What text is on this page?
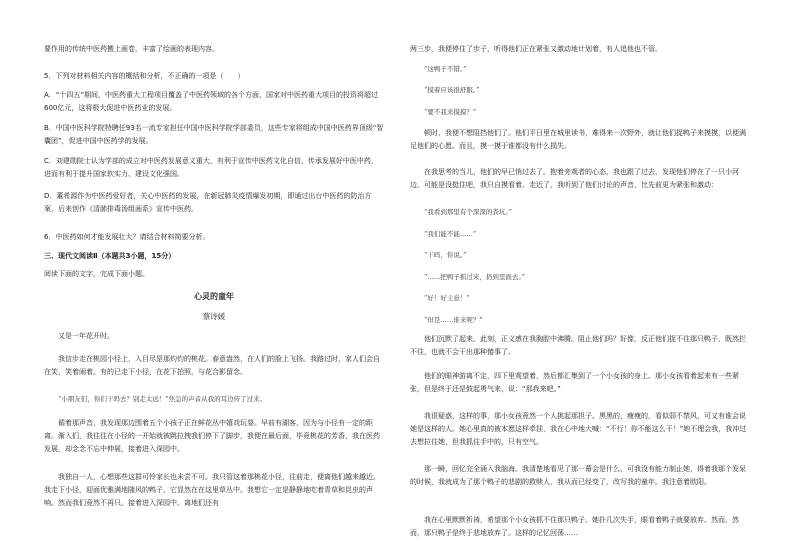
要作用的传统中医药搬上画卷，丰富了绘画的表现内容。

5．下列对材料相关内容的概括和分析，不正确的一项是（　　）

A．“十四五”期间，中医药重大工程项目覆盖了中医药领域的各个方面，国家对中医药重大项目的投资将超过600亿元，这将极大促进中医药业的发展。

B．中国中医科学院特聘任93名一流专家担任中国中医科学院学部委员，这些专家将组成中国中医药界顶级“智囊团”，促进中国中医药学的发展。

C．刘建勋院士认为学部的成立对中医药发展意义重大，有利于宣传中医药文化自信，传承发展好中医中药，进而有利于提升国家软实力、建设文化强国。

D．董希源作为中医药爱好者，关心中医药的发展，在新冠肺炎疫情爆发初期，即通过出台中医药的防治方案，后来创作《清肺排毒汤组画系》宣传中医药。

6．中医药如何才能发展壮大？请结合材料简要分析。

三、现代文阅读Ⅱ（本题共3小题，15分）

阅读下面的文字，完成下面小题。

心灵的童年

蔡诗媛

又是一年花开时。

我信步走在桃园小径上，入目尽是那灼灼的桃花。春意盎然，在人们的脸上飞扬。我路过时，家人们会自在笑，笑着闹着。有的已走下小径，在花下拍照，与花合影留念。

“小朋友们，你们干吗去？别走太远！”焦急的声音从我的耳边传了过来。

循着那声音，我发现那边围着五个小孩子正在鲜花丛中嬉戏玩耍。早前有湖客，因为与小径有一定的距离。渐入们，我往往在小径的一开始就被跳拉拽我们停下了脚步，我便在最后面，毕竟桃花的芳香，我在医药发展，却念念不忘中伸展，接着进入深园中。

我独自一人，心想那些这群可怜家长也未尝不可。我只管这着那桃花小径，往前走，便离他们越来越近。我走下小径，迎面优雅满地随风的鸭子，它显然在在这里草丛中。我想它一定是静静地吃着青草和昆虫的声响。然而我们竟然不再只。接着进入深园中。离地们还有

两三步，我便停住了步子，听得他们正在紧张又激动地计划着，有人追他也不管。

“这鸭子不错。”

“摸着应该很舒服。”

“要不我来摸摸？”

顿时，我便不想阻挡他们了。他们平日里在城里读书，难得来一次野外，就让他们捉鸭子来摸摸，以便满足他们的心愿。而且，摸一摸于谁都没有什么损失。

在我思考的当儿，他们的早已悄过去了。抱着旁观者的心态，我也跟了过去，发现他们停在了一只小河边。可能是没挺住吧，我只自摸看着。走近了，我听到了他们讨论的声音，比先前更为紧张和激动：

“我看到那里有个深深的粪坑。”

“我们能不能……”

“干吗，你说。”

“……把鸭子抓过来，扔到里面去。”

“好！好主意！”

“但是……谁来呢？”

他们沉默了起来。此刻，正义感在我胸腔中沸腾。阻止他们吗？好像，反正他们捉不住那只鸭子，既然拦不住，也就不会干出那种傻事了。

他们的眼神游离不定，四下里观望着，然后都汇集到了一个小女孩的身上。那小女孩看着起来有一些紧张，但是终于还是鼓起勇气来，说：“那我来吧。”

我很疑惑，这样的事，那小女孩竟然一个人挑起那担子。黑黑的，瘦瘦的，看似弱不禁风，可又有谁会说她是这样的人。她心里真的被本愿这样牵挂，我在心中地大喊：“不行！你不能这么干！”她不理会我，我冲过去想拉住她，但我抓住手中的，只有空气。

那一瞬，回忆完全涌入我脑海。我清楚地看见了那一幕会是什么，可我没有能力制止她，得着我那个发呆的时候，我就成为了那个鸭子的悲剧的救赎人，我从而已经变了，改写我的童年。我注意着欧阳。

我在心里默默祈祷，希望那个小女孩抓不住那只鸭子。她扑几次失手，眼看着鸭子就要放弃。然而，然而，那只鸭子是终于悲地放弃了。这样的记忆回荡……
